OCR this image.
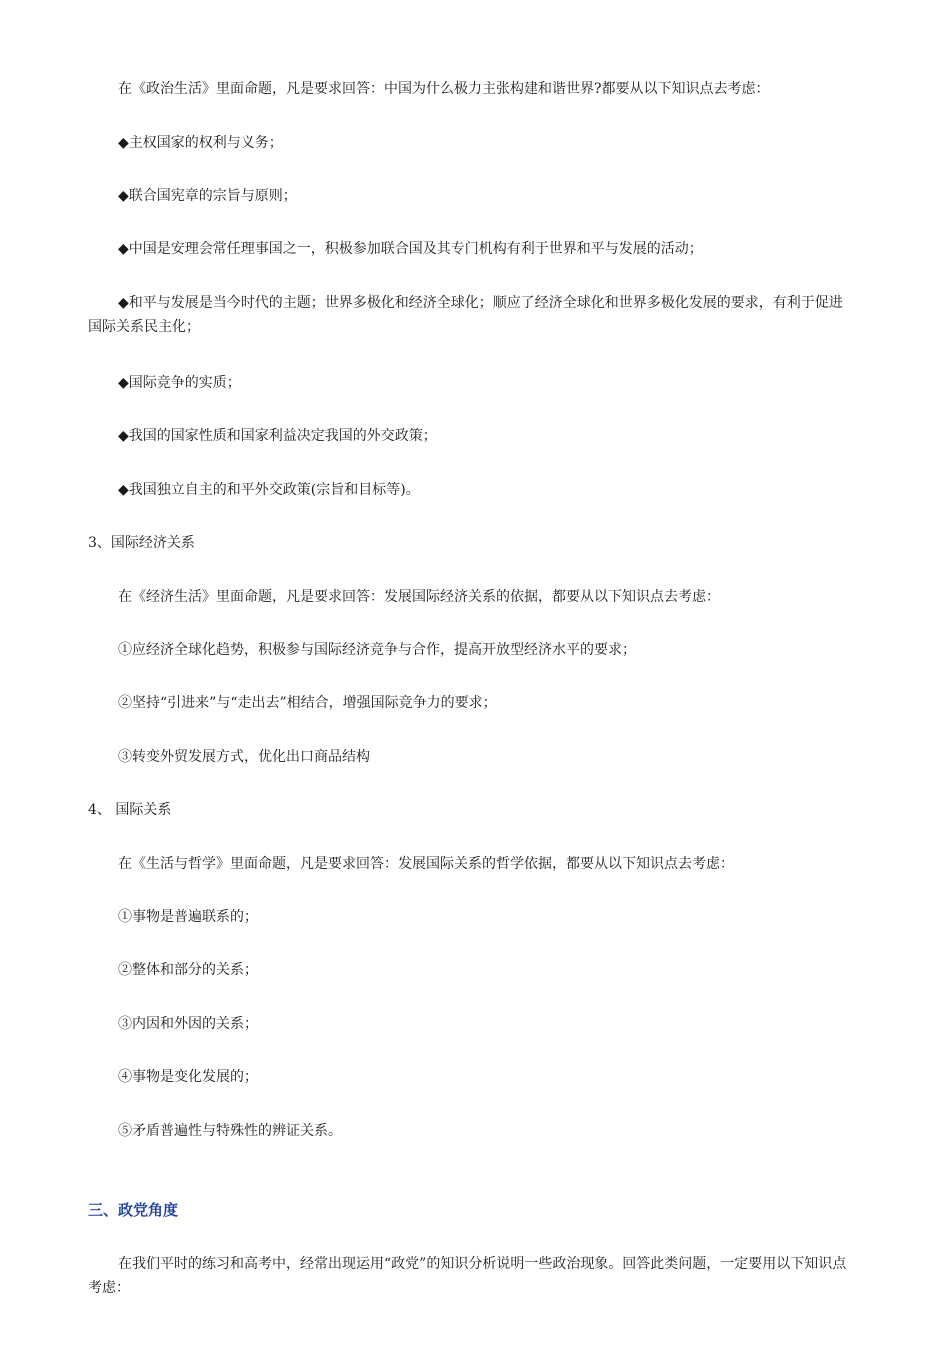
在《政治生活》里面命题，凡是要求回答：中国为什么极力主张构建和谐世界?都要从以下知识点去考虑：

◆主权国家的权利与义务；

◆联合国宪章的宗旨与原则；

◆中国是安理会常任理事国之一，积极参加联合国及其专门机构有利于世界和平与发展的活动；

◆和平与发展是当今时代的主题；世界多极化和经济全球化；顺应了经济全球化和世界多极化发展的要求，有利于促进国际关系民主化；

◆国际竞争的实质；

◆我国的国家性质和国家利益决定我国的外交政策；

◆我国独立自主的和平外交政策(宗旨和目标等)。

3、国际经济关系

在《经济生活》里面命题，凡是要求回答：发展国际经济关系的依据，都要从以下知识点去考虑：

①应经济全球化趋势，积极参与国际经济竞争与合作，提高开放型经济水平的要求；

②坚持“引进来”与“走出去”相结合，增强国际竞争力的要求；

③转变外贸发展方式，优化出口商品结构

4、 国际关系

在《生活与哲学》里面命题，凡是要求回答：发展国际关系的哲学依据，都要从以下知识点去考虑：

①事物是普遍联系的；

②整体和部分的关系；

③内因和外因的关系；

④事物是变化发展的；

⑤矛盾普遍性与特殊性的辨证关系。

三、政党角度

在我们平时的练习和高考中，经常出现运用“政党”的知识分析说明一些政治现象。回答此类问题，一定要用以下知识点考虑：
